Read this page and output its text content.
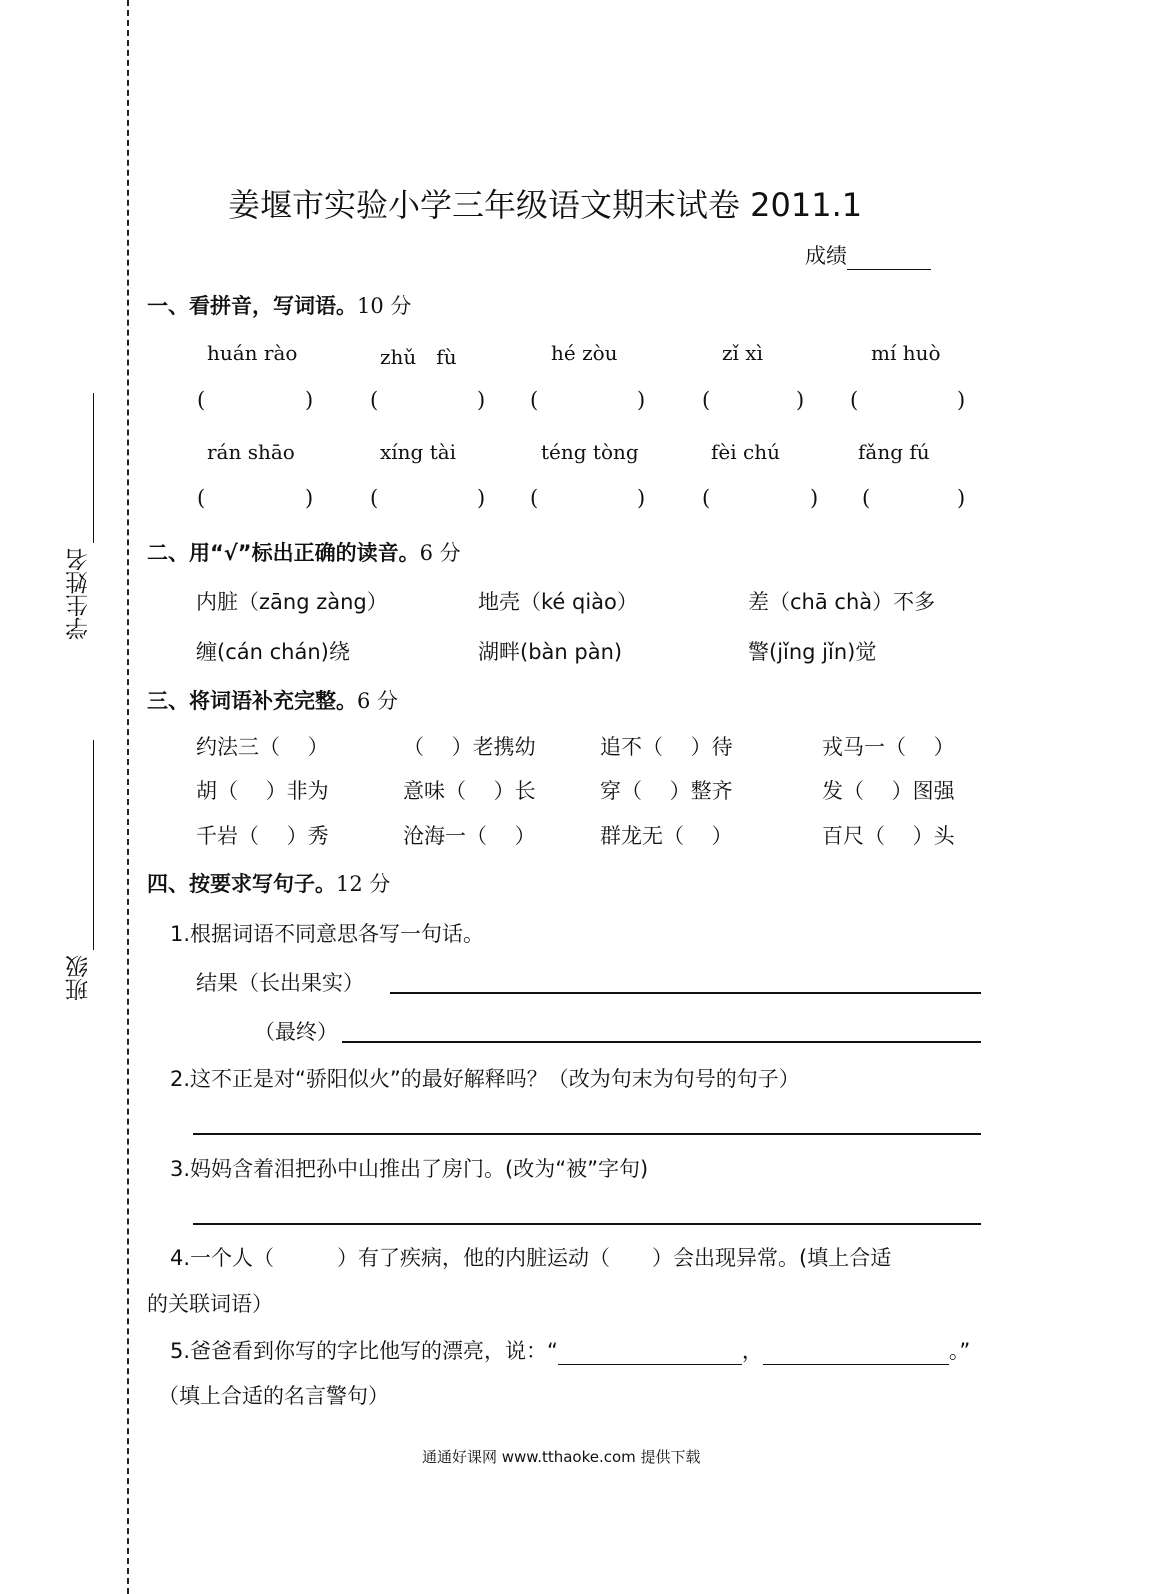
学生姓名
班级
姜堰市实验小学三年级语文期末试卷 2011.1
成绩
一、看拼音，写词语。10 分
huán rào	zhǔ　fù	hé zòu	zǐ xì	mí huò
(	)	(	) (	)	(	) (	)
rán shāo	xíng tài	téng tòng	fèi chú	fǎng fú
(	)	(	) (	)	(	) (	)
二、用“√”标出正确的读音。6 分
内脏（zāng zàng）	地壳（ké qiào）	差（chā chà）不多
缠(cán chán)绕	湖畔(bàn pàn)	警(jǐng jǐn)觉
三、将词语补充完整。6 分
约法三（　 ）	（　 ）老携幼	追不（　 ）待	戎马一（　 ）
胡（　 ）非为	意味（　 ）长	穿（　 ）整齐	发（　 ）图强
千岩（　 ）秀	沧海一（　 ）	群龙无（　 ）	百尺（　 ）头
四、按要求写句子。12 分
1.根据词语不同意思各写一句话。
结果（长出果实）
（最终）
2.这不正是对“骄阳似火”的最好解释吗？（改为句末为句号的句子）
3.妈妈含着泪把孙中山推出了房门。(改为“被”字句)
4.一个人（　　　）有了疾病，他的内脏运动（　　）会出现异常。(填上合适
的关联词语）
5.爸爸看到你写的字比他写的漂亮，说：“	，	。”
（填上合适的名言警句）
通通好课网 www.tthaoke.com 提供下载
